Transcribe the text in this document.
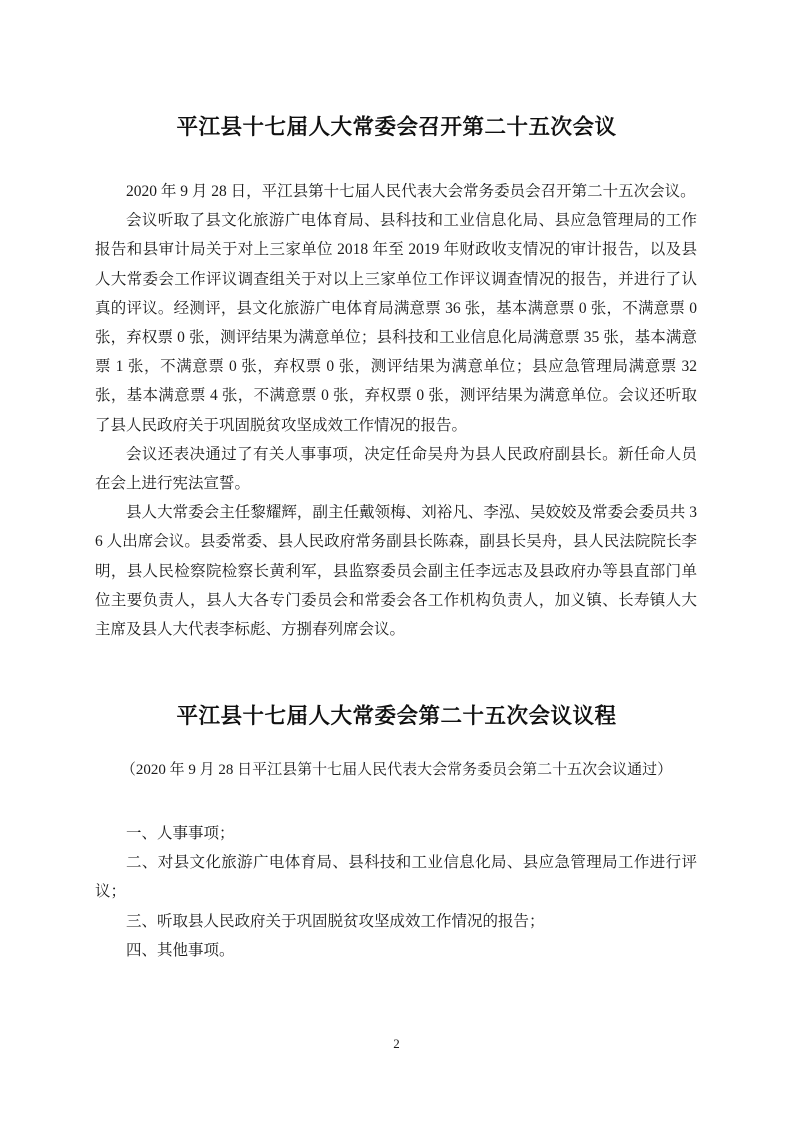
平江县十七届人大常委会召开第二十五次会议

2020 年 9 月 28 日，平江县第十七届人民代表大会常务委员会召开第二十五次会议。

会议听取了县文化旅游广电体育局、县科技和工业信息化局、县应急管理局的工作报告和县审计局关于对上三家单位 2018 年至 2019 年财政收支情况的审计报告，以及县人大常委会工作评议调查组关于对以上三家单位工作评议调查情况的报告，并进行了认真的评议。经测评，县文化旅游广电体育局满意票 36 张，基本满意票 0 张，不满意票 0 张，弃权票 0 张，测评结果为满意单位；县科技和工业信息化局满意票 35 张，基本满意票 1 张，不满意票 0 张，弃权票 0 张，测评结果为满意单位；县应急管理局满意票 32 张，基本满意票 4 张，不满意票 0 张，弃权票 0 张，测评结果为满意单位。会议还听取了县人民政府关于巩固脱贫攻坚成效工作情况的报告。

会议还表决通过了有关人事事项，决定任命吴舟为县人民政府副县长。新任命人员在会上进行宪法宣誓。

县人大常委会主任黎耀辉，副主任戴领梅、刘裕凡、李泓、吴姣姣及常委会委员共 36 人出席会议。县委常委、县人民政府常务副县长陈森，副县长吴舟，县人民法院院长李明，县人民检察院检察长黄利军，县监察委员会副主任李远志及县政府办等县直部门单位主要负责人，县人大各专门委员会和常委会各工作机构负责人，加义镇、长寿镇人大主席及县人大代表李标彪、方捌春列席会议。

平江县十七届人大常委会第二十五次会议议程
（2020 年 9 月 28 日平江县第十七届人民代表大会常务委员会第二十五次会议通过）

一、人事事项；

二、对县文化旅游广电体育局、县科技和工业信息化局、县应急管理局工作进行评议；

三、听取县人民政府关于巩固脱贫攻坚成效工作情况的报告；

四、其他事项。

2
